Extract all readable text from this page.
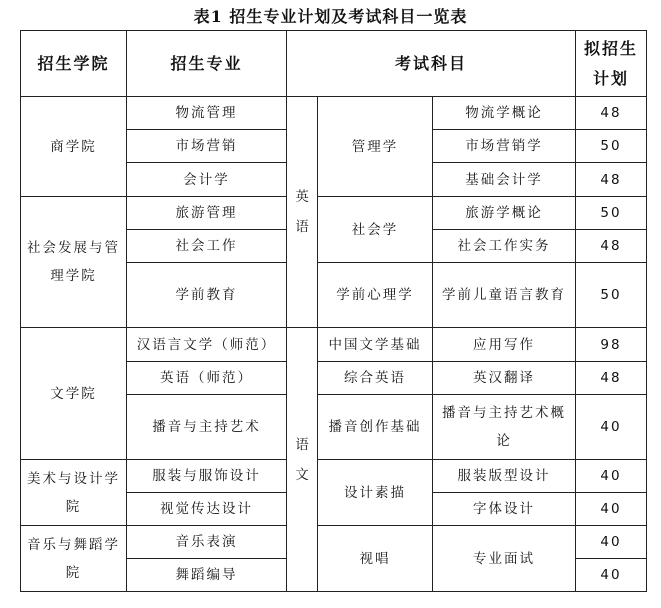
表1 招生专业计划及考试科目一览表
招生学院	招生专业	考试科目			拟招生计划
商学院	物流管理	英语	管理学	物流学概论	48
	市场营销			市场营销学	50
	会计学			基础会计学	48
社会发展与管理学院	旅游管理		社会学	旅游学概论	50
	社会工作			社会工作实务	48
	学前教育		学前心理学	学前儿童语言教育	50
文学院	汉语言文学（师范）	语文	中国文学基础	应用写作	98
	英语（师范）		综合英语	英汉翻译	48
	播音与主持艺术		播音创作基础	播音与主持艺术概论	40
美术与设计学院	服装与服饰设计		设计素描	服装版型设计	40
	视觉传达设计			字体设计	40
音乐与舞蹈学院	音乐表演		视唱	专业面试	40
	舞蹈编导				40
